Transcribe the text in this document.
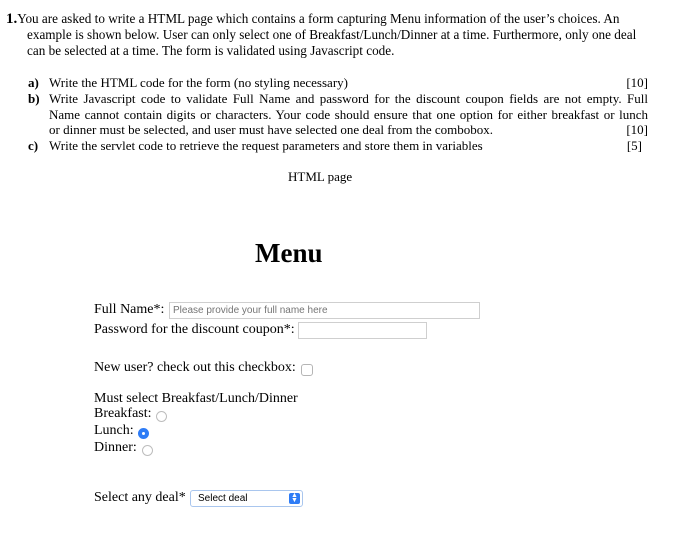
1.You are asked to write a HTML page which contains a form capturing Menu information of the user’s choices. An
example is shown below. User can only select one of Breakfast/Lunch/Dinner at a time. Furthermore, only one deal
can be selected at a time. The form is validated using Javascript code.
a) Write the HTML code for the form (no styling necessary)	[10]
b) Write Javascript code to validate Full Name and password for the discount coupon fields are not empty. Full
Name cannot contain digits or characters. Your code should ensure that one option for either breakfast or lunch
or dinner must be selected, and user must have selected one deal from the combobox.	[10]
c) Write the servlet code to retrieve the request parameters and store them in variables	[5]
HTML page
Menu
Full Name*:
Please provide your full name here
Password for the discount coupon*:
New user? check out this checkbox:
Must select Breakfast/Lunch/Dinner
Breakfast:
Lunch:
Dinner:
Select any deal*	Select deal	▲
▼
